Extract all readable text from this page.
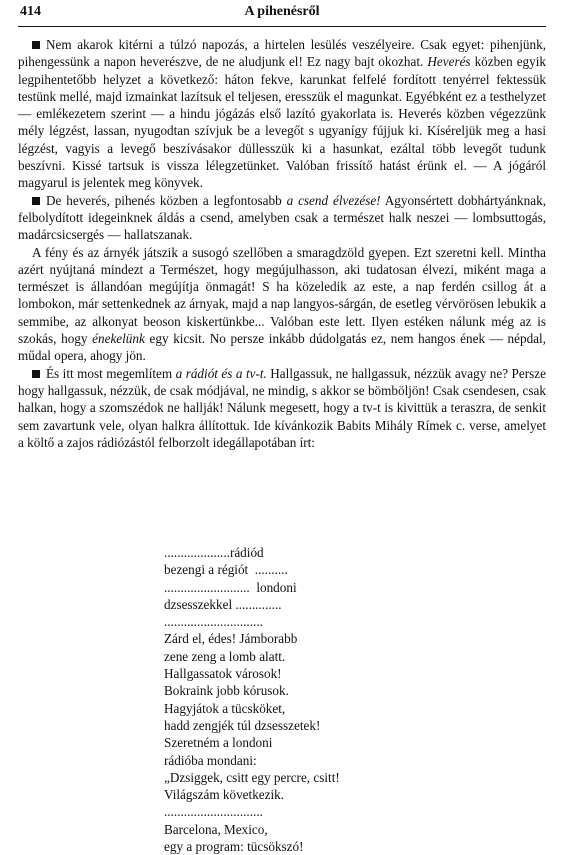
414	A pihenésről

Nem akarok kitérni a túlzó napozás, a hirtelen lesülés veszélyeire. Csak egyet: pihenjünk, pihengessünk a napon heverészve, de ne aludjunk el! Ez nagy bajt okozhat. Heverés közben egyik legpihentetőbb helyzet a következő: háton fekve, karunkat felfelé fordított tenyérrel fektessük testünk mellé, majd izmainkat lazítsuk el teljesen, eresszük el magunkat. Egyébként ez a testhelyzet — emlékezetem szerint — a hindu jógázás első lazító gyakorlata is. Heverés közben végezzünk mély légzést, lassan, nyugodtan szívjuk be a levegőt s ugyanígy fújjuk ki. Kíséreljük meg a hasi légzést, vagyis a levegő beszívásakor düllesszük ki a hasunkat, ezáltal több levegőt tudunk beszívni. Kissé tartsuk is vissza lélegzetünket. Valóban frissítő hatást érünk el. — A jógáról magyarul is jelentek meg könyvek.

De heverés, pihenés közben a legfontosabb a csend élvezése! Agyonsértett dobhártyánknak, felbolydított idegeinknek áldás a csend, amelyben csak a természet halk neszei — lombsuttogás, madárcsicsergés — hallatszanak.

A fény és az árnyék játszik a susogó szellőben a smaragdzöld gyepen. Ezt szeretni kell. Mintha azért nyújtaná mindezt a Természet, hogy megújulhasson, aki tudatosan élvezi, miként maga a természet is állandóan megújítja önmagát! S ha közeledik az este, a nap ferdén csillog át a lombokon, már settenkednek az árnyak, majd a nap langyos-sárgán, de esetleg vérvörösen lebukik a semmibe, az alkonyat beoson kiskertünkbe... Valóban este lett. Ilyen estéken nálunk még az is szokás, hogy énekelünk egy kicsit. No persze inkább dúdolgatás ez, nem hangos ének — népdal, műdal opera, ahogy jön.

És itt most megemlítem a rádiót és a tv-t. Hallgassuk, ne hallgassuk, nézzük avagy ne? Persze hogy hallgassuk, nézzük, de csak módjával, ne mindig, s akkor se bömböljön! Csak csendesen, csak halkan, hogy a szomszédok ne hallják! Nálunk megesett, hogy a tv-t is kivittük a teraszra, de senkit sem zavartunk vele, olyan halkra állítottuk. Ide kívánkozik Babits Mihály Rímek c. verse, amelyet a költő a zajos rádiózástól felborzolt idegállapotában írt:

....................rádiód
bezengi a régiót  ..........
..........................  londoni
dzsesszekkel ..............
..............................
Zárd el, édes! Jámborabb
zene zeng a lomb alatt.
Hallgassatok városok!
Bokraink jobb kórusok.
Hagyjátok a tücsköket,
hadd zengjék túl dzsesszetek!
Szeretném a londoni
rádióba mondani:
„Dzsiggek, csitt egy percre, csitt!
Világszám következik.
..............................
Barcelona, Mexico,
egy a program: tücsökszó!
